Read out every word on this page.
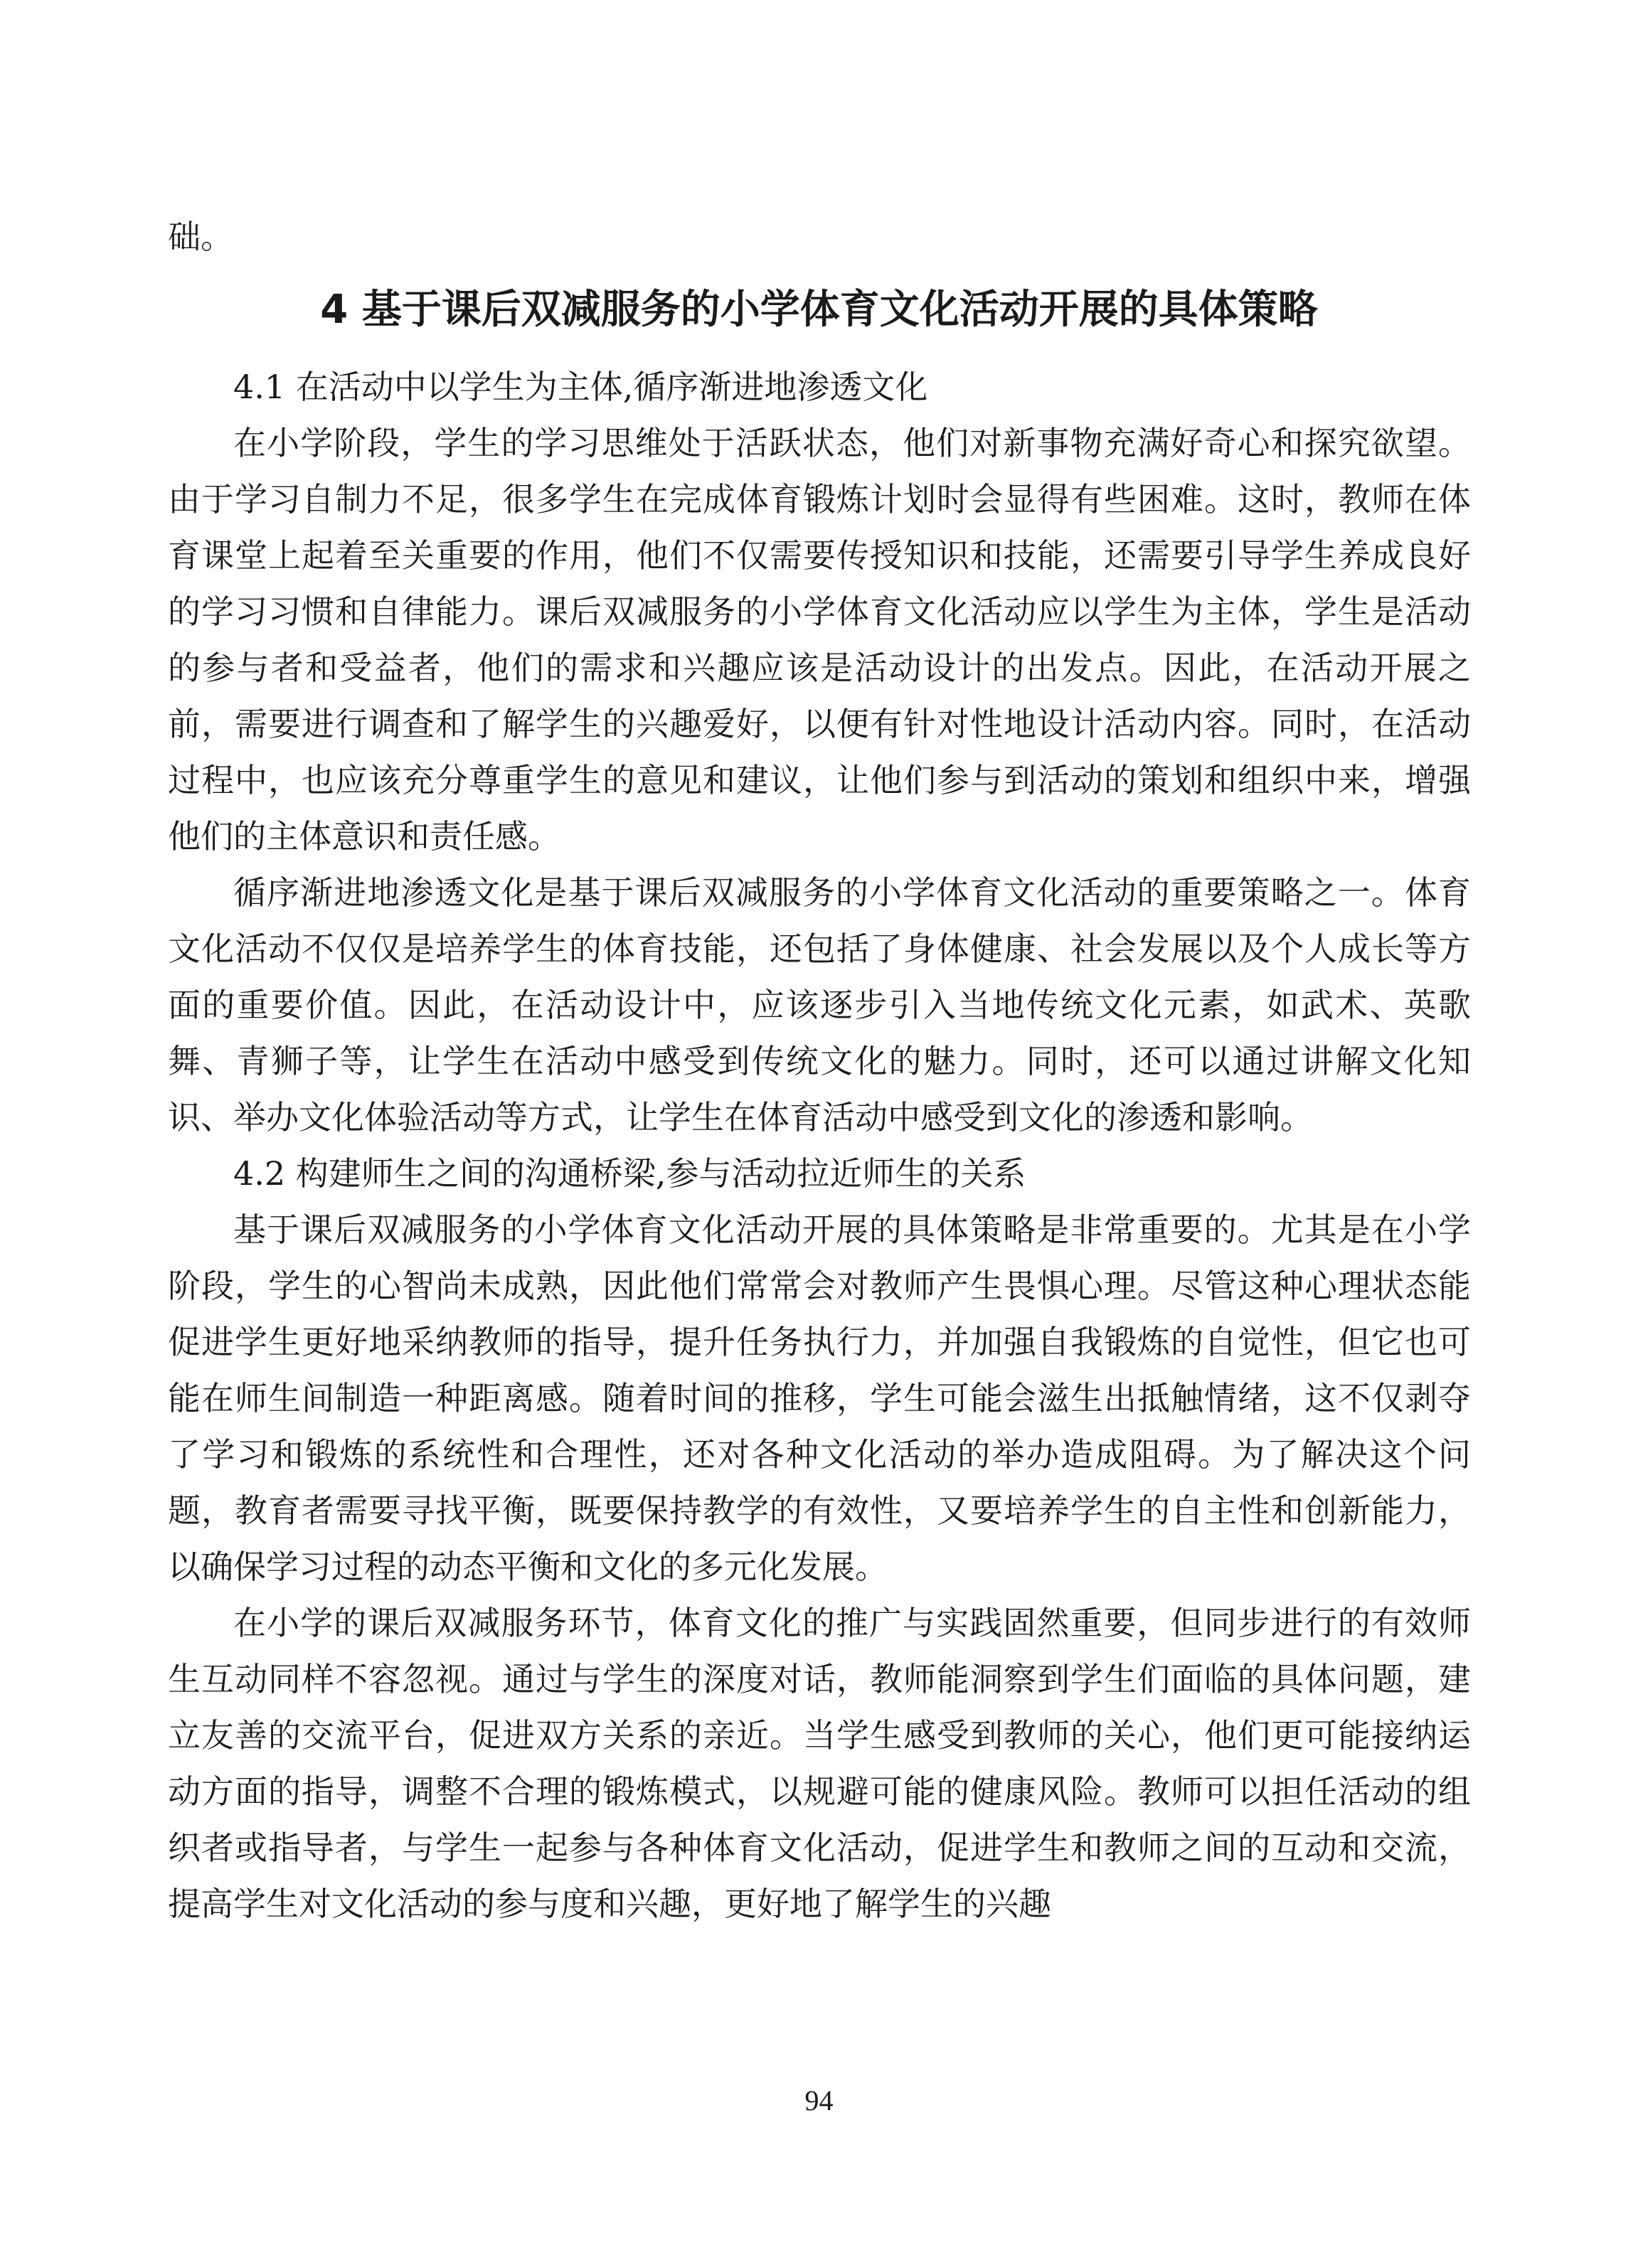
础。

4 基于课后双减服务的小学体育文化活动开展的具体策略

4.1 在活动中以学生为主体,循序渐进地渗透文化

在小学阶段，学生的学习思维处于活跃状态，他们对新事物充满好奇心和探究欲望。由于学习自制力不足，很多学生在完成体育锻炼计划时会显得有些困难。这时，教师在体育课堂上起着至关重要的作用，他们不仅需要传授知识和技能，还需要引导学生养成良好的学习习惯和自律能力。课后双减服务的小学体育文化活动应以学生为主体，学生是活动的参与者和受益者，他们的需求和兴趣应该是活动设计的出发点。因此，在活动开展之前，需要进行调查和了解学生的兴趣爱好，以便有针对性地设计活动内容。同时，在活动过程中，也应该充分尊重学生的意见和建议，让他们参与到活动的策划和组织中来，增强他们的主体意识和责任感。

循序渐进地渗透文化是基于课后双减服务的小学体育文化活动的重要策略之一。体育文化活动不仅仅是培养学生的体育技能，还包括了身体健康、社会发展以及个人成长等方面的重要价值。因此，在活动设计中，应该逐步引入当地传统文化元素，如武术、英歌舞、青狮子等，让学生在活动中感受到传统文化的魅力。同时，还可以通过讲解文化知识、举办文化体验活动等方式，让学生在体育活动中感受到文化的渗透和影响。

4.2 构建师生之间的沟通桥梁,参与活动拉近师生的关系

基于课后双减服务的小学体育文化活动开展的具体策略是非常重要的。尤其是在小学阶段，学生的心智尚未成熟，因此他们常常会对教师产生畏惧心理。尽管这种心理状态能促进学生更好地采纳教师的指导，提升任务执行力，并加强自我锻炼的自觉性，但它也可能在师生间制造一种距离感。随着时间的推移，学生可能会滋生出抵触情绪，这不仅剥夺了学习和锻炼的系统性和合理性，还对各种文化活动的举办造成阻碍。为了解决这个问题，教育者需要寻找平衡，既要保持教学的有效性，又要培养学生的自主性和创新能力，以确保学习过程的动态平衡和文化的多元化发展。

在小学的课后双减服务环节，体育文化的推广与实践固然重要，但同步进行的有效师生互动同样不容忽视。通过与学生的深度对话，教师能洞察到学生们面临的具体问题，建立友善的交流平台，促进双方关系的亲近。当学生感受到教师的关心，他们更可能接纳运动方面的指导，调整不合理的锻炼模式，以规避可能的健康风险。教师可以担任活动的组织者或指导者，与学生一起参与各种体育文化活动，促进学生和教师之间的互动和交流，提高学生对文化活动的参与度和兴趣，更好地了解学生的兴趣

94
